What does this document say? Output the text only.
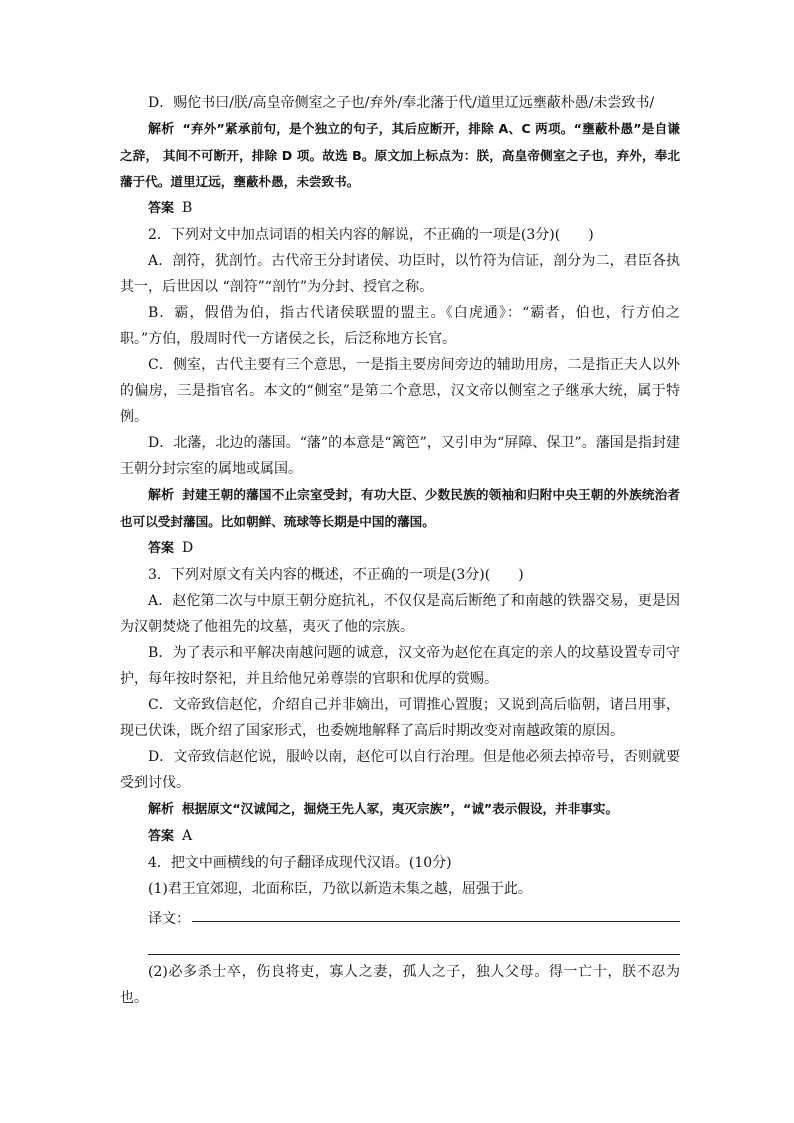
D．赐佗书曰/朕/高皇帝侧室之子也/弃外/奉北藩于代/道里辽远壅蔽朴愚/未尝致书/

解析 “弃外”紧承前句，是个独立的句子，其后应断开，排除 A、C 两项。“壅蔽朴愚”是自谦之辞， 其间不可断开，排除 D 项。故选 B。原文加上标点为：朕，高皇帝侧室之子也，弃外，奉北藩于代。道里辽远，壅蔽朴愚，未尝致书。

答案 B

2．下列对文中加点词语的相关内容的解说，不正确的一项是(3分)(　　)

A．剖符，犹剖竹。古代帝王分封诸侯、功臣时，以竹符为信证，剖分为二，君臣各执其一，后世因以 “剖符”“剖竹”为分封、授官之称。

B．霸，假借为伯，指古代诸侯联盟的盟主。《白虎通》：“霸者，伯也，行方伯之职。”方伯，殷周时代一方诸侯之长，后泛称地方长官。

C．侧室，古代主要有三个意思，一是指主要房间旁边的辅助用房，二是指正夫人以外的偏房，三是指官名。本文的“侧室”是第二个意思，汉文帝以侧室之子继承大统，属于特例。

D．北藩，北边的藩国。“藩”的本意是“篱笆”，又引申为“屏障、保卫”。藩国是指封建王朝分封宗室的属地或属国。

解析 封建王朝的藩国不止宗室受封，有功大臣、少数民族的领袖和归附中央王朝的外族统治者也可以受封藩国。比如朝鲜、琉球等长期是中国的藩国。

答案 D

3．下列对原文有关内容的概述，不正确的一项是(3分)(　　)

A．赵佗第二次与中原王朝分庭抗礼，不仅仅是高后断绝了和南越的铁器交易，更是因为汉朝焚烧了他祖先的坟墓，夷灭了他的宗族。

B．为了表示和平解决南越问题的诚意，汉文帝为赵佗在真定的亲人的坟墓设置专司守护，每年按时祭祀，并且给他兄弟尊崇的官职和优厚的赏赐。

C．文帝致信赵佗，介绍自己并非嫡出，可谓推心置腹；又说到高后临朝，诸吕用事，现已伏诛，既介绍了国家形式，也委婉地解释了高后时期改变对南越政策的原因。

D．文帝致信赵佗说，服岭以南，赵佗可以自行治理。但是他必须去掉帝号，否则就要受到讨伐。

解析 根据原文“汉诚闻之，掘烧王先人冢，夷灭宗族”，“诚”表示假设，并非事实。

答案 A

4．把文中画横线的句子翻译成现代汉语。(10分)

(1)君王宜郊迎，北面称臣，乃欲以新造未集之越，屈强于此。

译文：

(2)必多杀士卒，伤良将吏，寡人之妻，孤人之子，独人父母。得一亡十，朕不忍为也。
